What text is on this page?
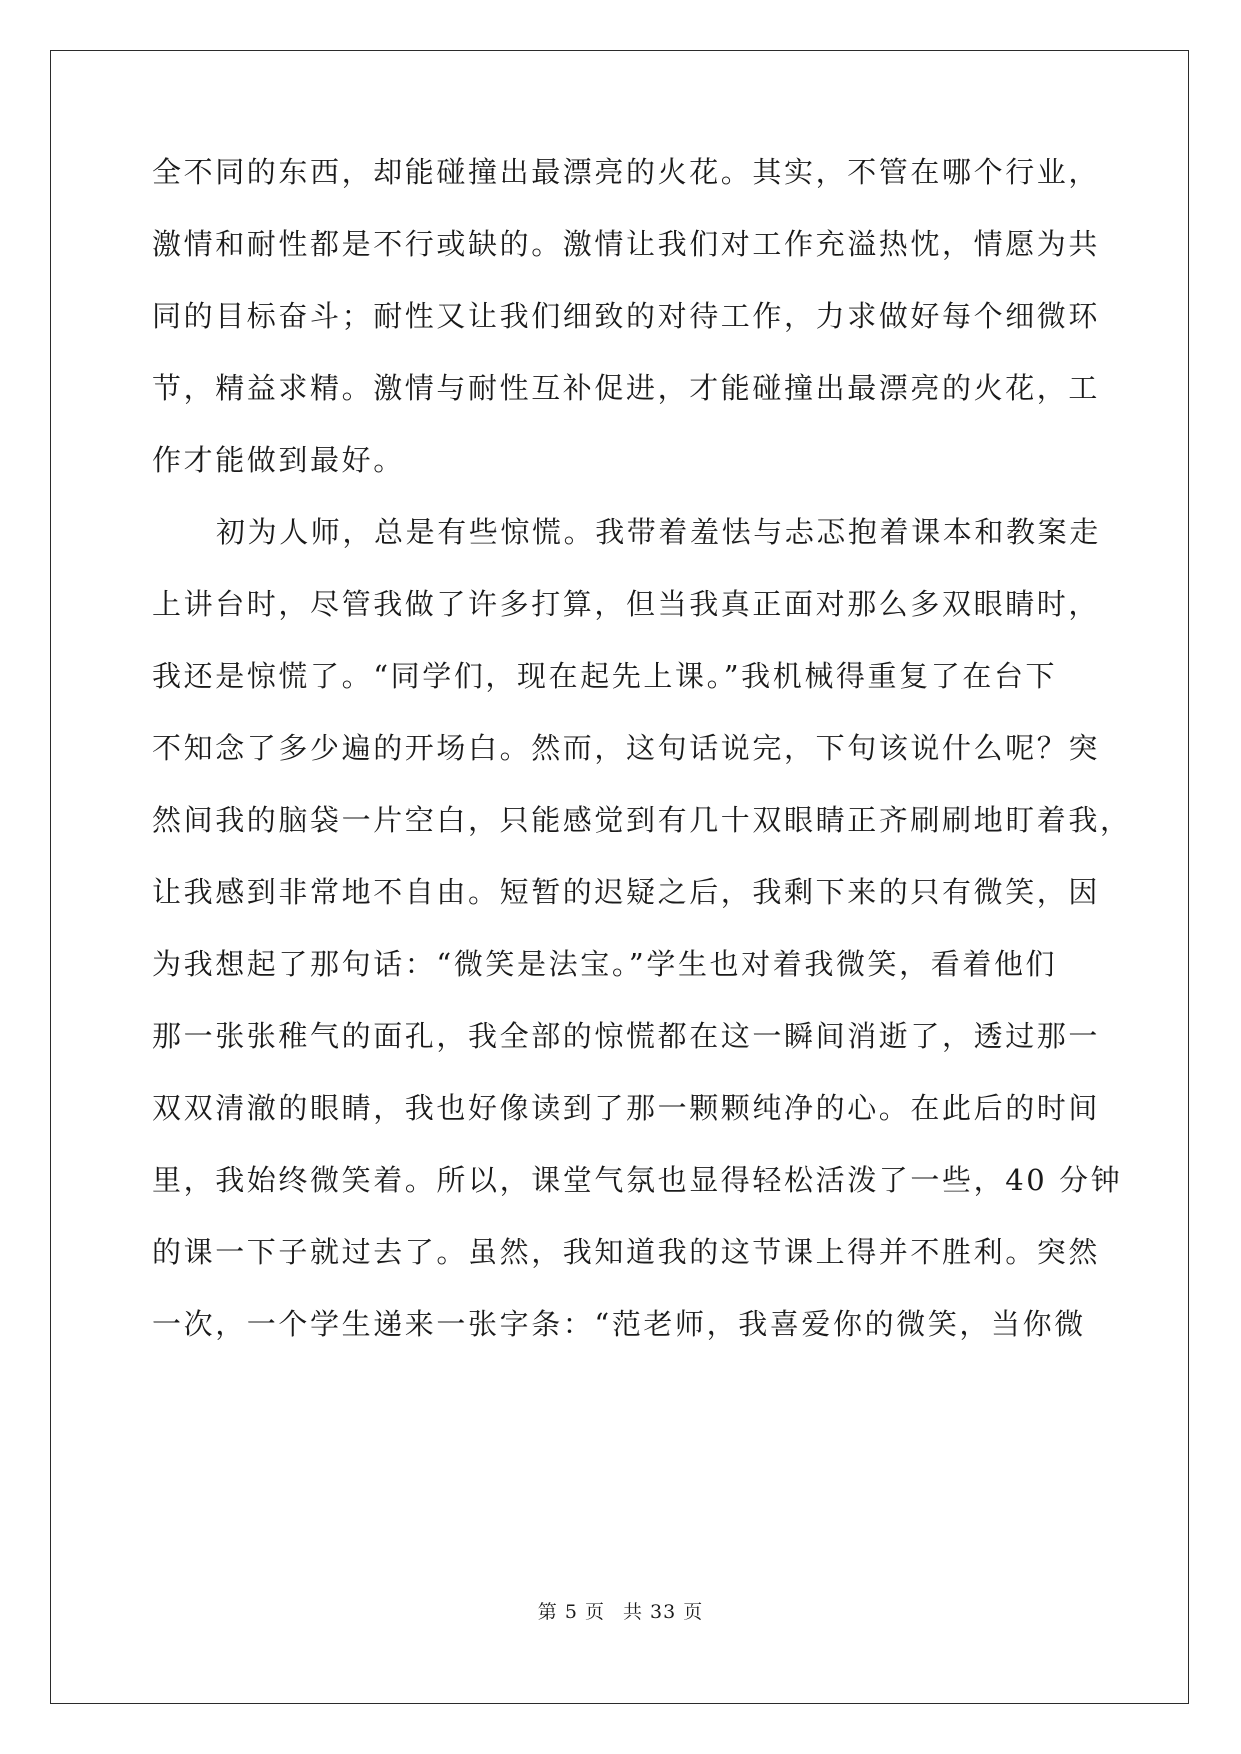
全不同的东西，却能碰撞出最漂亮的火花。其实，不管在哪个行业，
激情和耐性都是不行或缺的。激情让我们对工作充溢热忱，情愿为共
同的目标奋斗；耐性又让我们细致的对待工作，力求做好每个细微环
节，精益求精。激情与耐性互补促进，才能碰撞出最漂亮的火花，工
作才能做到最好。
初为人师，总是有些惊慌。我带着羞怯与忐忑抱着课本和教案走
上讲台时，尽管我做了许多打算，但当我真正面对那么多双眼睛时，
我还是惊慌了。“同学们，现在起先上课。”我机械得重复了在台下
不知念了多少遍的开场白。然而，这句话说完，下句该说什么呢？突
然间我的脑袋一片空白，只能感觉到有几十双眼睛正齐刷刷地盯着我，
让我感到非常地不自由。短暂的迟疑之后，我剩下来的只有微笑，因
为我想起了那句话：“微笑是法宝。”学生也对着我微笑，看着他们
那一张张稚气的面孔，我全部的惊慌都在这一瞬间消逝了，透过那一
双双清澈的眼睛，我也好像读到了那一颗颗纯净的心。在此后的时间
里，我始终微笑着。所以，课堂气氛也显得轻松活泼了一些，40 分钟
的课一下子就过去了。虽然，我知道我的这节课上得并不胜利。突然
一次，一个学生递来一张字条：“范老师，我喜爱你的微笑，当你微
第 5 页 共 33 页
